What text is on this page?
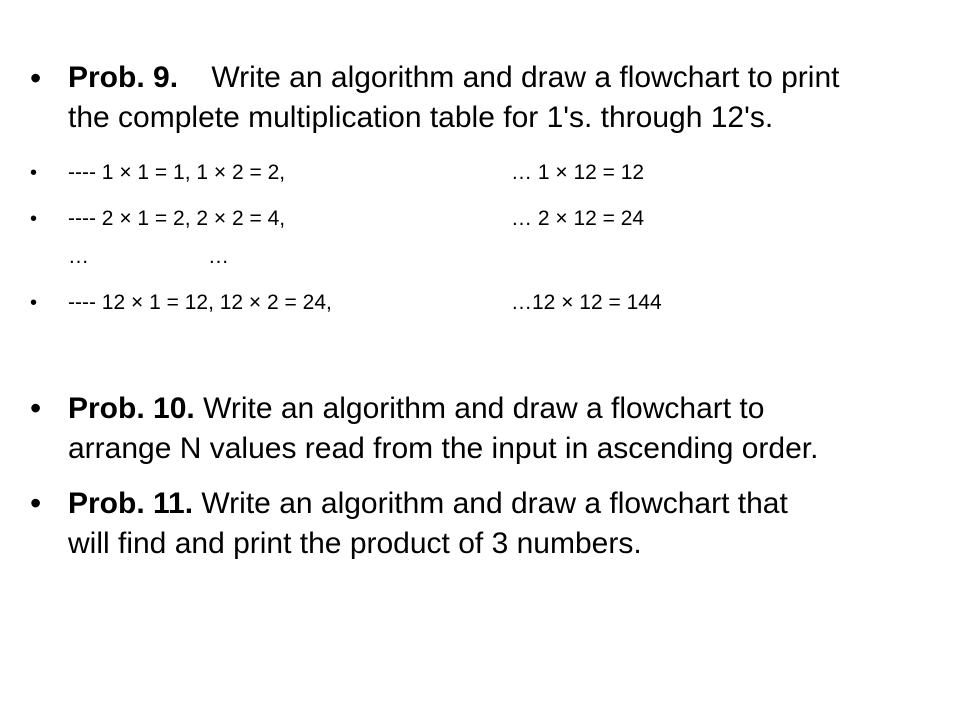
• Prob. 9. Write an algorithm and draw a flowchart to print
the complete multiplication table for 1's. through 12's.
• ---- 1 × 1 = 1, 1 × 2 = 2,	… 1 × 12 = 12
• ---- 2 × 1 = 2, 2 × 2 = 4,	… 2 × 12 = 24
…	…
• ---- 12 × 1 = 12, 12 × 2 = 24,	…12 × 12 = 144
• Prob. 10. Write an algorithm and draw a flowchart to
arrange N values read from the input in ascending order.
• Prob. 11. Write an algorithm and draw a flowchart that
will find and print the product of 3 numbers.
